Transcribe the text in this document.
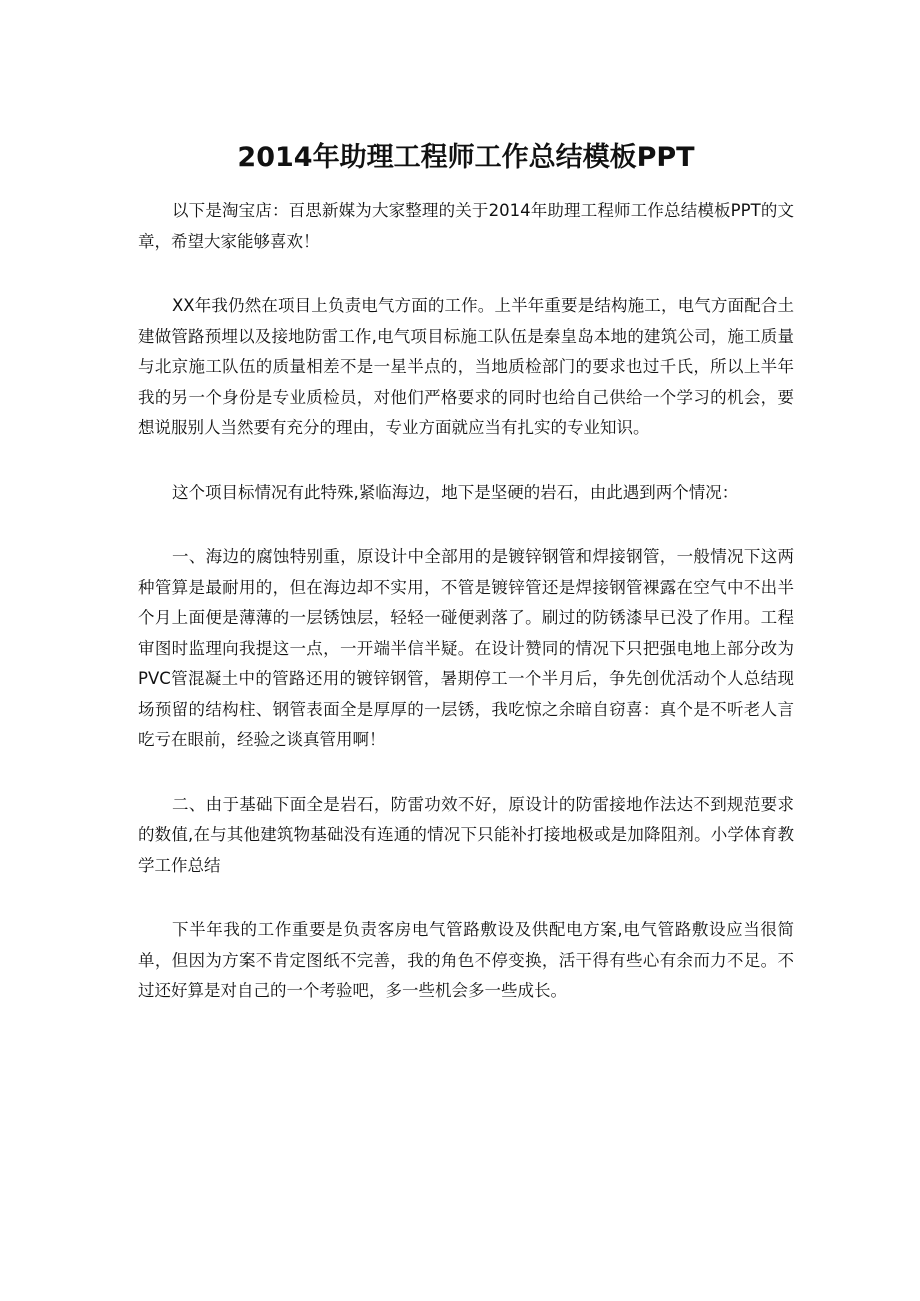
2014年助理工程师工作总结模板PPT

以下是淘宝店：百思新媒为大家整理的关于2014年助理工程师工作总结模板PPT的文章，希望大家能够喜欢！

XX年我仍然在项目上负责电气方面的工作。上半年重要是结构施工，电气方面配合土建做管路预埋以及接地防雷工作,电气项目标施工队伍是秦皇岛本地的建筑公司，施工质量与北京施工队伍的质量相差不是一星半点的，当地质检部门的要求也过千氏，所以上半年我的另一个身份是专业质检员，对他们严格要求的同时也给自己供给一个学习的机会，要想说服别人当然要有充分的理由，专业方面就应当有扎实的专业知识。

这个项目标情况有此特殊,紧临海边，地下是坚硬的岩石，由此遇到两个情况：

一、海边的腐蚀特别重，原设计中全部用的是镀锌钢管和焊接钢管，一般情况下这两种管算是最耐用的，但在海边却不实用，不管是镀锌管还是焊接钢管裸露在空气中不出半个月上面便是薄薄的一层锈蚀层，轻轻一碰便剥落了。刷过的防锈漆早已没了作用。工程审图时监理向我提这一点，一开端半信半疑。在设计赞同的情况下只把强电地上部分改为PVC管混凝土中的管路还用的镀锌钢管，暑期停工一个半月后，争先创优活动个人总结现场预留的结构柱、钢管表面全是厚厚的一层锈，我吃惊之余暗自窃喜：真个是不听老人言吃亏在眼前，经验之谈真管用啊！

二、由于基础下面全是岩石，防雷功效不好，原设计的防雷接地作法达不到规范要求的数值,在与其他建筑物基础没有连通的情况下只能补打接地极或是加降阻剂。小学体育教学工作总结

下半年我的工作重要是负责客房电气管路敷设及供配电方案,电气管路敷设应当很简单，但因为方案不肯定图纸不完善，我的角色不停变换，活干得有些心有余而力不足。不过还好算是对自己的一个考验吧，多一些机会多一些成长。
